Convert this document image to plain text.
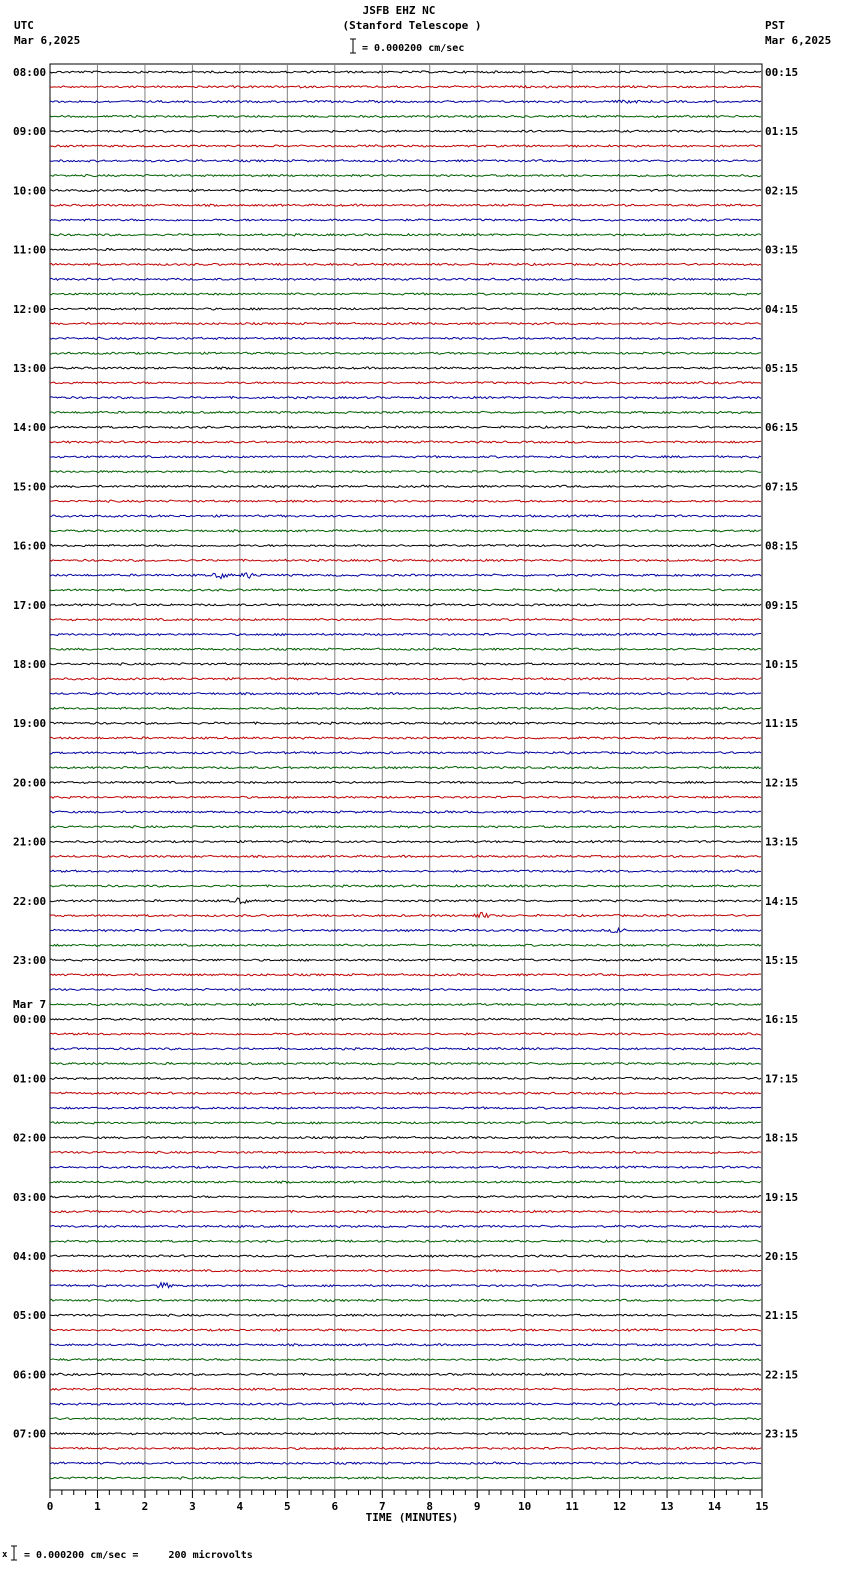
JSFB EHZ NC
(Stanford Telescope )
UTC
Mar 6,2025
PST
Mar 6,2025
= 0.000200 cm/sec
08:00	00:15
09:00	01:15
10:00	02:15
11:00	03:15
12:00	04:15
13:00	05:15
14:00	06:15
15:00	07:15
16:00	08:15
17:00	09:15
18:00	10:15
19:00	11:15
20:00	12:15
21:00	13:15
22:00	14:15
23:00	15:15
00:00	16:15
01:00	17:15
02:00	18:15
03:00	19:15
04:00	20:15
05:00	21:15
06:00	22:15
07:00	23:15
Mar 7
0	1	2	3	4	5	6	7	8	9	10	11	12	13	14	15
TIME (MINUTES)
x = 0.000200 cm/sec =     200 microvolts
